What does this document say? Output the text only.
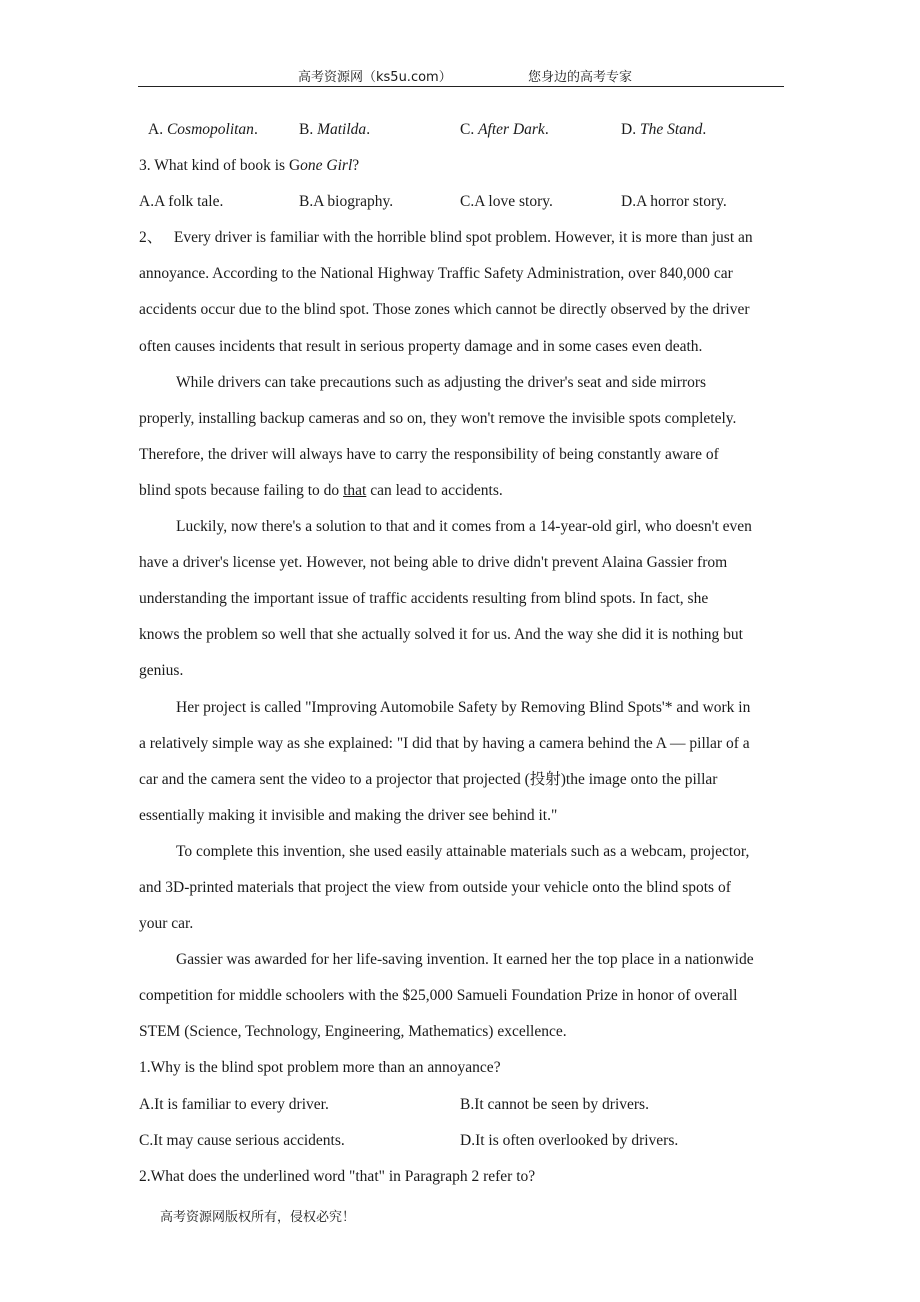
高考资源网（ks5u.com）	您身边的高考专家
A. Cosmopolitan.	B. Matilda.	C. After Dark.	D. The Stand.
3. What kind of book is Gone Girl?
A.A folk tale.	B.A biography.	C.A love story.	D.A horror story.
2、　 Every driver is familiar with the horrible blind spot problem. However, it is more than just an
annoyance. According to the National Highway Traffic Safety Administration, over 840,000 car
accidents occur due to the blind spot. Those zones which cannot be directly observed by the driver
often causes incidents that result in serious property damage and in some cases even death.
While drivers can take precautions such as adjusting the driver's seat and side mirrors
properly, installing backup cameras and so on, they won't remove the invisible spots completely.
Therefore, the driver will always have to carry the responsibility of being constantly aware of
blind spots because failing to do that can lead to accidents.
Luckily, now there's a solution to that and it comes from a 14-year-old girl, who doesn't even
have a driver's license yet. However, not being able to drive didn't prevent Alaina Gassier from
understanding the important issue of traffic accidents resulting from blind spots. In fact, she
knows the problem so well that she actually solved it for us. And the way she did it is nothing but
genius.
Her project is called "Improving Automobile Safety by Removing Blind Spots'* and work in
a relatively simple way as she explained: "I did that by having a camera behind the A — pillar of a
car and the camera sent the video to a projector that projected (投射)the image onto the pillar
essentially making it invisible and making the driver see behind it."
To complete this invention, she used easily attainable materials such as a webcam, projector,
and 3D-printed materials that project the view from outside your vehicle onto the blind spots of
your car.
Gassier was awarded for her life-saving invention. It earned her the top place in a nationwide
competition for middle schoolers with the $25,000 Samueli Foundation Prize in honor of overall
STEM (Science, Technology, Engineering, Mathematics) excellence.
1.Why is the blind spot problem more than an annoyance?
A.It is familiar to every driver.	B.It cannot be seen by drivers.
C.It may cause serious accidents.	D.It is often overlooked by drivers.
2.What does the underlined word "that" in Paragraph 2 refer to?
高考资源网版权所有，侵权必究！
